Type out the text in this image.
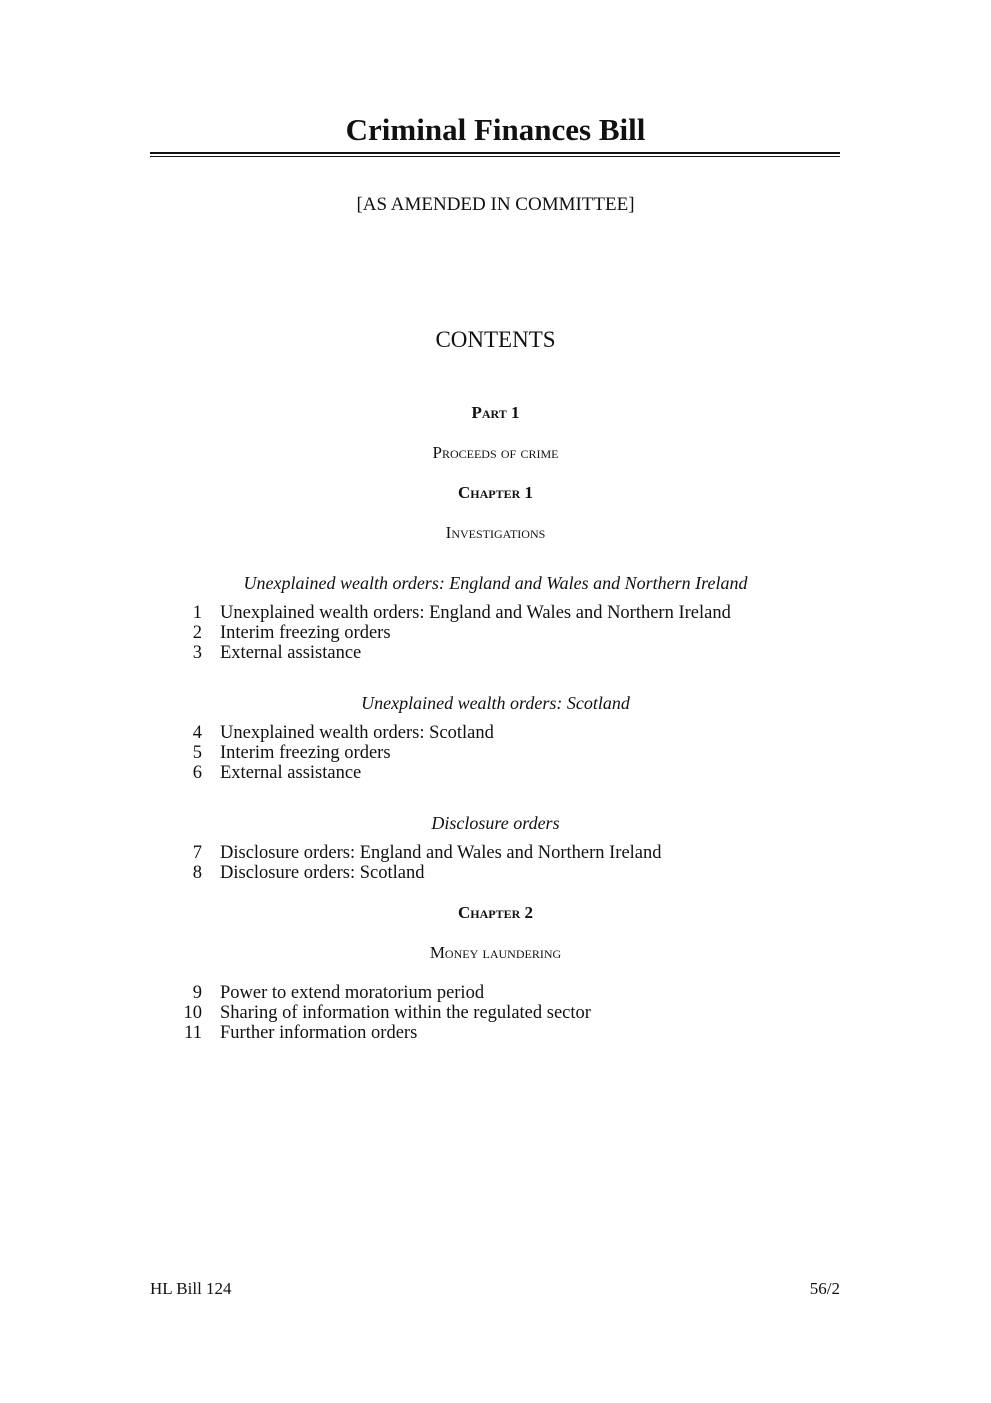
Criminal Finances Bill
[AS AMENDED IN COMMITTEE]
CONTENTS
Part 1
Proceeds of crime
Chapter 1
Investigations
Unexplained wealth orders: England and Wales and Northern Ireland
1 Unexplained wealth orders: England and Wales and Northern Ireland
2 Interim freezing orders
3 External assistance
Unexplained wealth orders: Scotland
4 Unexplained wealth orders: Scotland
5 Interim freezing orders
6 External assistance
Disclosure orders
7 Disclosure orders: England and Wales and Northern Ireland
8 Disclosure orders: Scotland
Chapter 2
Money laundering
9 Power to extend moratorium period
10 Sharing of information within the regulated sector
11 Further information orders
HL Bill 124	56/2
